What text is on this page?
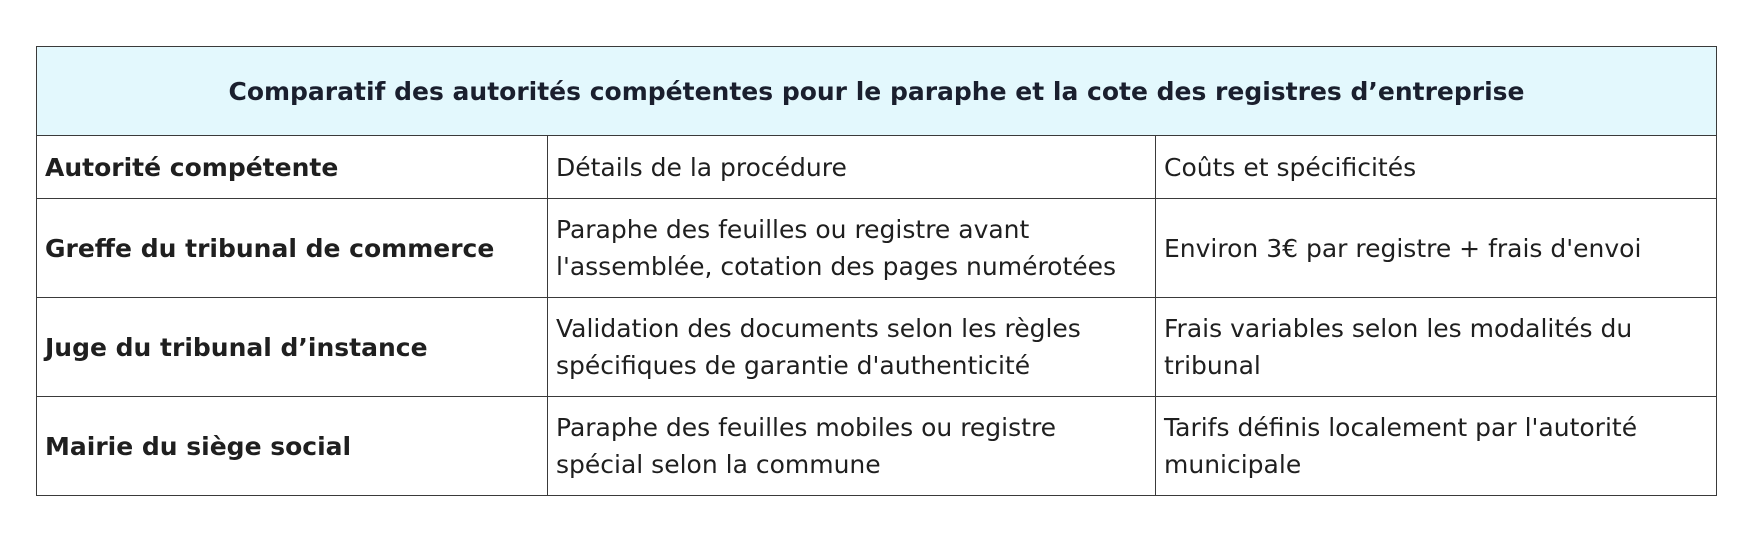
Comparatif des autorités compétentes pour le paraphe et la cote des registres d’entreprise		
Autorité compétente	Détails de la procédure	Coûts et spécificités
Greffe du tribunal de commerce	Paraphe des feuilles ou registre avant l'assemblée, cotation des pages numérotées	Environ 3€ par registre + frais d'envoi
Juge du tribunal d’instance	Validation des documents selon les règles spécifiques de garantie d'authenticité	Frais variables selon les modalités du tribunal
Mairie du siège social	Paraphe des feuilles mobiles ou registre spécial selon la commune	Tarifs définis localement par l'autorité municipale
